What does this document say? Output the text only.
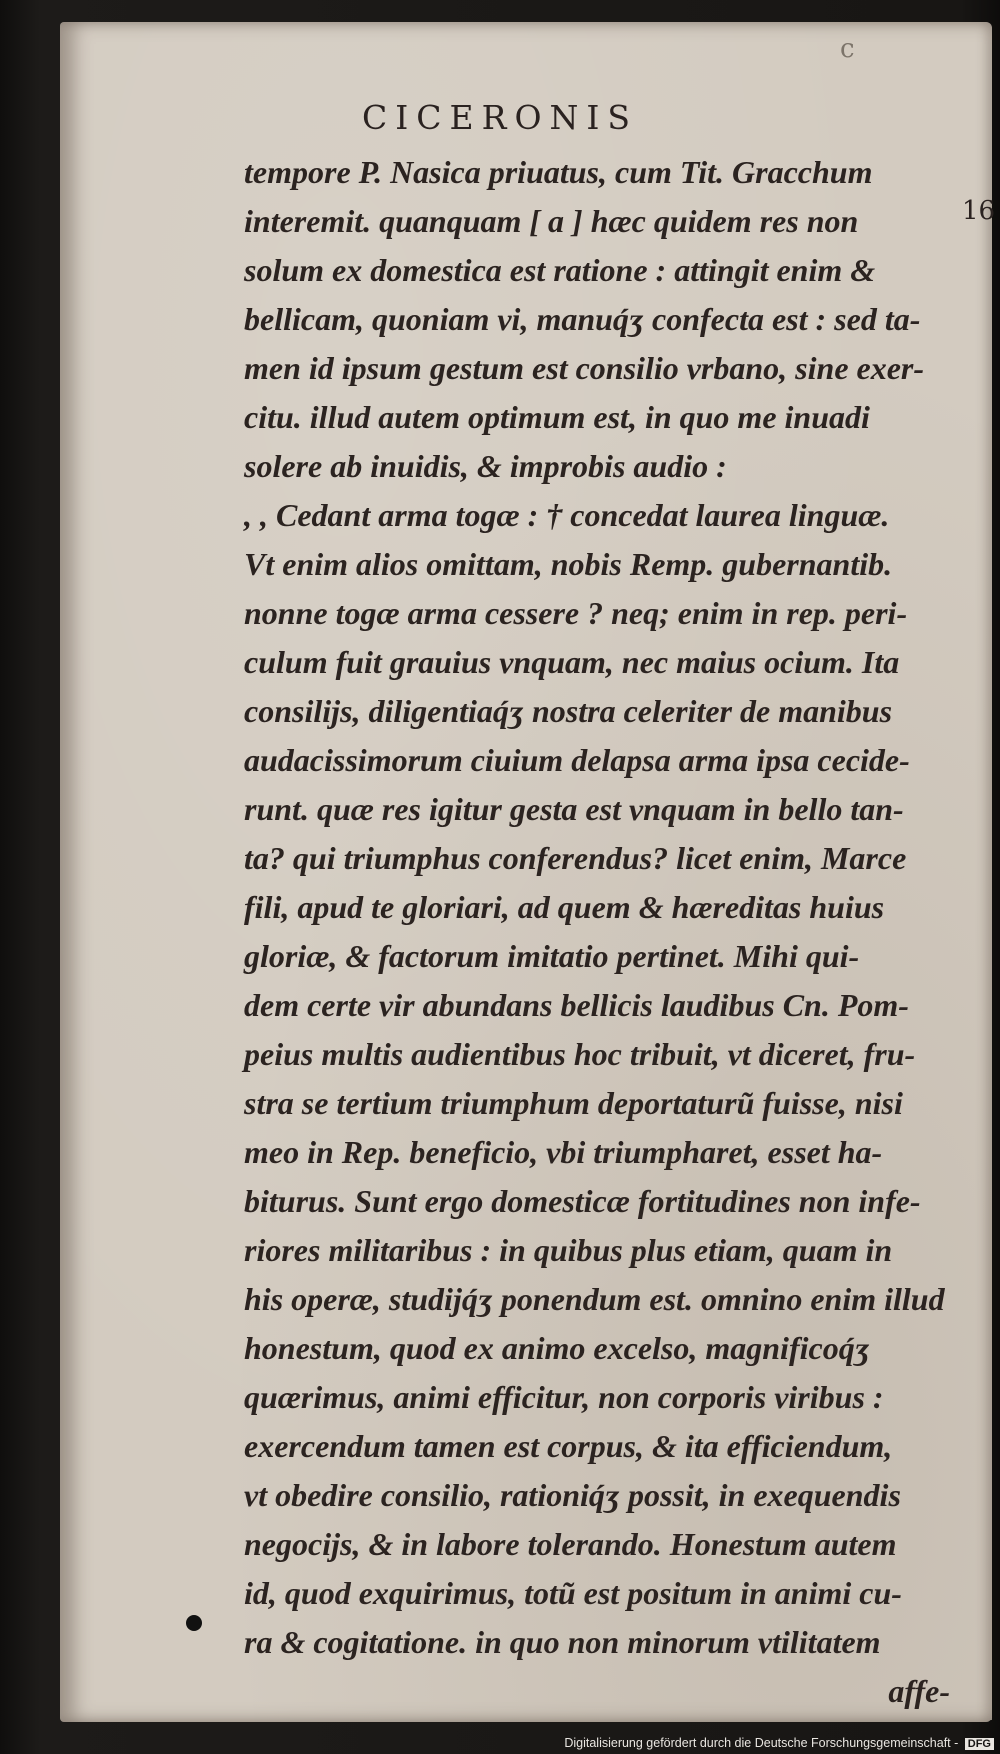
c
CICERONIS
16
tempore P. Nasica priuatus, cum Tit. Gracchum
interemit. quanquam [ a ] hæc quidem res non
solum ex domestica est ratione : attingit enim &
bellicam, quoniam vi, manuq́ʒ confecta est : sed ta-
men id ipsum gestum est consilio vrbano, sine exer-
citu. illud autem optimum est, in quo me inuadi
solere ab inuidis, & improbis audio :
, , Cedant arma togæ : † concedat laurea linguæ.
Vt enim alios omittam, nobis Remp. gubernantib.
nonne togæ arma cessere ? neq; enim in rep. peri-
culum fuit grauius vnquam, nec maius ocium. Ita
consilijs, diligentiaq́ʒ nostra celeriter de manibus
audacissimorum ciuium delapsa arma ipsa cecide-
runt. quæ res igitur gesta est vnquam in bello tan-
ta? qui triumphus conferendus? licet enim, Marce
fili, apud te gloriari, ad quem & hæreditas huius
gloriæ, & factorum imitatio pertinet. Mihi qui-
dem certe vir abundans bellicis laudibus Cn. Pom-
peius multis audientibus hoc tribuit, vt diceret, fru-
stra se tertium triumphum deportaturũ fuisse, nisi
meo in Rep. beneficio, vbi triumpharet, esset ha-
biturus. Sunt ergo domesticæ fortitudines non infe-
riores militaribus : in quibus plus etiam, quam in
his operæ, studijq́ʒ ponendum est. omnino enim illud
honestum, quod ex animo excelso, magnificoq́ʒ
quærimus, animi efficitur, non corporis viribus :
exercendum tamen est corpus, & ita efficiendum,
vt obedire consilio, rationiq́ʒ possit, in exequendis
negocijs, & in labore tolerando. Honestum autem
id, quod exquirimus, totũ est positum in animi cu-
ra & cogitatione. in quo non minorum vtilitatem
affe-
Digitalisierung gefördert durch die Deutsche Forschungsgemeinschaft - DFG
